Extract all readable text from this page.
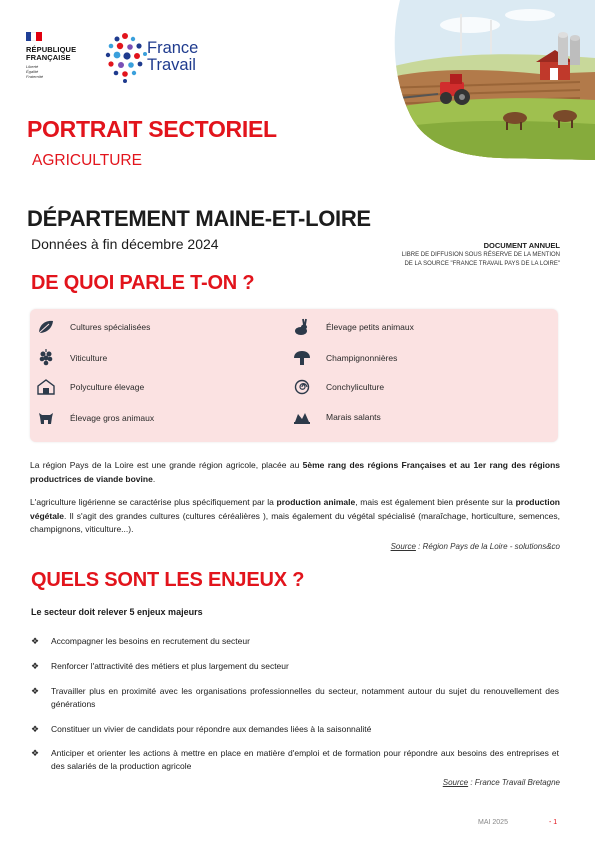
RÉPUBLIQUE
FRANÇAISE
Liberté
Égalité
Fraternité
France
Travail
PORTRAIT SECTORIEL
AGRICULTURE
DÉPARTEMENT MAINE-ET-LOIRE
Données à fin décembre 2024	DOCUMENT ANNUEL
LIBRE DE DIFFUSION SOUS RÉSERVE DE LA MENTION
DE LA SOURCE "FRANCE TRAVAIL PAYS DE LA LOIRE"
DE QUOI PARLE T-ON ?
Cultures spécialisées
Viticulture
Polyculture élevage
Élevage gros animaux
Élevage petits animaux
Champignonnières
Conchyliculture
Marais salants
La région Pays de la Loire est une grande région agricole, placée au 5ème rang des régions Françaises et au 1er rang des régions productrices de viande bovine.
L'agriculture ligérienne se caractérise plus spécifiquement par la production animale, mais est également bien présente sur la production végétale. Il s'agit des grandes cultures (cultures céréalières ), mais également du végétal spécialisé (maraîchage, horticulture, semences, champignons, viticulture...).
Source : Région Pays de la Loire - solutions&co
QUELS SONT LES ENJEUX ?
Le secteur doit relever 5 enjeux majeurs
❖	Accompagner les besoins en recrutement du secteur
❖	Renforcer l'attractivité des métiers et plus largement du secteur
❖	Travailler plus en proximité avec les organisations professionnelles du secteur, notamment autour du sujet du renouvellement des générations
❖	Constituer un vivier de candidats pour répondre aux demandes liées à la saisonnalité
❖	Anticiper et orienter les actions à mettre en place en matière d'emploi et de formation pour répondre aux besoins des entreprises et des salariés de la production agricole
Source : France Travail Bretagne
MAI 2025	- 1
